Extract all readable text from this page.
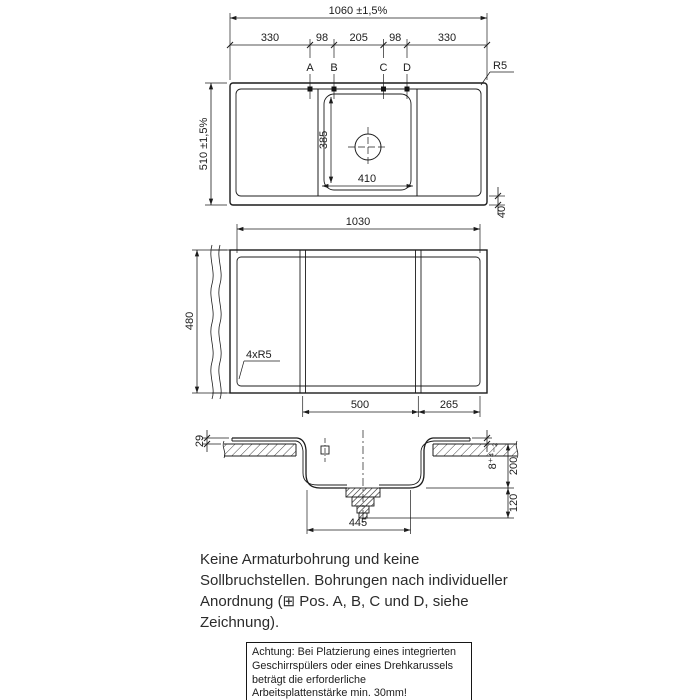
1060 ±1,5%
330	98 205 98	330
A B	C D	R5
385
410
510 ±1,5%
40
4xR5
1030
480
500	265
29
8⁺⁴₋₂ 200
120
445
Keine Armaturbohrung und keine
Sollbruchstellen. Bohrungen nach individueller
Anordnung (⊞ Pos. A, B, C und D, siehe
Zeichnung).
Achtung: Bei Platzierung eines integrierten
Geschirrspülers oder eines Drehkarussels
beträgt die erforderliche
Arbeitsplattenstärke min. 30mm!
